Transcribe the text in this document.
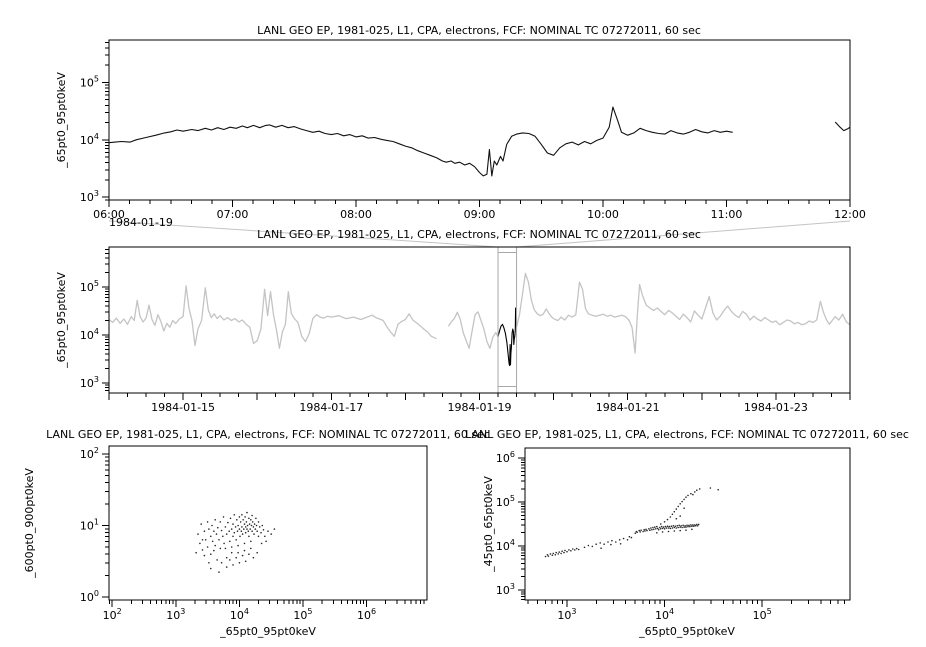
$10^3$
$10^4$
$10^5$
06:00	07:00	08:00	09:00	10:00	11:00	12:00
$10^3$
$10^4$
$10^5$
1984-01-15	1984-01-17	1984-01-19	1984-01-21	1984-01-23
$10^0$
$10^1$
$10^2$
$10^2$	$10^3$	$10^4$	$10^5$	$10^6$
$10^3$
$10^4$
$10^5$
$10^6$
$10^3$	$10^4$	$10^5$
LANL GEO EP, 1981-025, L1, CPA, electrons, FCF: NOMINAL TC 07272011, 60 sec
LANL GEO EP, 1981-025, L1, CPA, electrons, FCF: NOMINAL TC 07272011, 60 sec
LANL GEO EP, 1981-025, L1, CPA, electrons, FCF: NOMINAL TC 07272011, 60 sec
LANL GEO EP, 1981-025, L1, CPA, electrons, FCF: NOMINAL TC 07272011, 60 sec
1984-01-19
_65pt0_95pt0keV
_65pt0_95pt0keV
_600pt0_900pt0keV	_45pt0_65pt0keV
_65pt0_95pt0keV	_65pt0_95pt0keV
